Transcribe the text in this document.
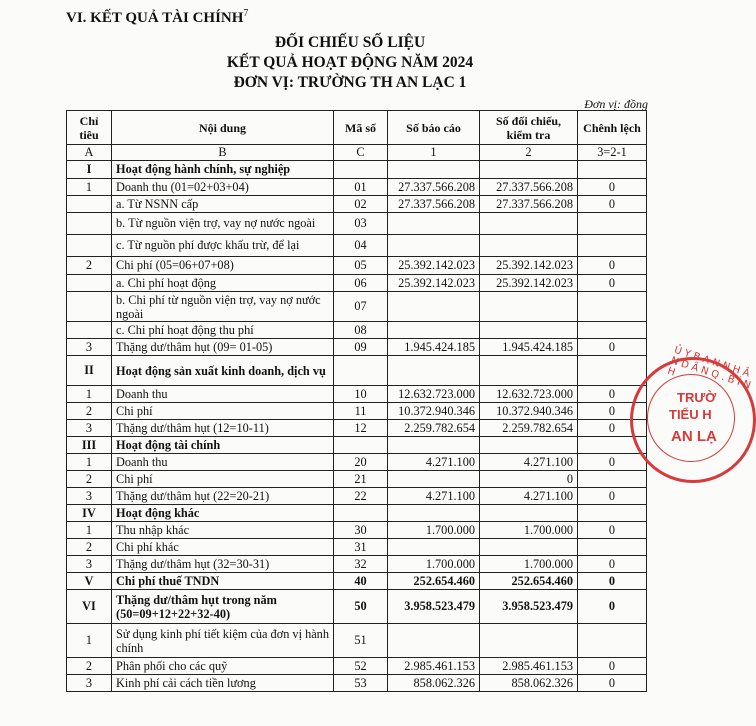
VI. KẾT QUẢ TÀI CHÍNH$^7$
ĐỐI CHIẾU SỐ LIỆU
KẾT QUẢ HOẠT ĐỘNG NĂM 2024
ĐƠN VỊ: TRƯỜNG TH AN LẠC 1
Đơn vị: đồng
Chỉ tiêu	Nội dung	Mã số	Số báo cáo	Số đối chiếu, kiểm tra	Chênh lệch
A	B	C	1	2	3=2-1
I	Hoạt động hành chính, sự nghiệp				
1	Doanh thu (01=02+03+04)	01	27.337.566.208	27.337.566.208	0
	a. Từ NSNN cấp	02	27.337.566.208	27.337.566.208	0
	b. Từ nguồn viện trợ, vay nợ nước ngoài	03			
	c. Từ nguồn phí được khấu trừ, để lại	04			
2	Chi phí (05=06+07+08)	05	25.392.142.023	25.392.142.023	0
	a. Chi phí hoạt động	06	25.392.142.023	25.392.142.023	0
	b. Chi phí từ nguồn viện trợ, vay nợ nước ngoài	07			
	c. Chi phí hoạt động thu phí	08			
3	Thặng dư/thâm hụt (09= 01-05)	09	1.945.424.185	1.945.424.185	0
II	Hoạt động sản xuất kinh doanh, dịch vụ				
1	Doanh thu	10	12.632.723.000	12.632.723.000	0
2	Chi phí	11	10.372.940.346	10.372.940.346	0
3	Thặng dư/thâm hụt (12=10-11)	12	2.259.782.654	2.259.782.654	0
III	Hoạt động tài chính				
1	Doanh thu	20	4.271.100	4.271.100	0
2	Chi phí	21		0	
3	Thặng dư/thâm hụt (22=20-21)	22	4.271.100	4.271.100	0
IV	Hoạt động khác				
1	Thu nhập khác	30	1.700.000	1.700.000	0
2	Chi phí khác	31			
3	Thặng dư/thâm hụt (32=30-31)	32	1.700.000	1.700.000	0
V	Chi phí thuế TNDN	40	252.654.460	252.654.460	0
VI	Thặng dư/thâm hụt trong năm (50=09+12+22+32-40)	50	3.958.523.479	3.958.523.479	0
1	Sử dụng kinh phí tiết kiệm của đơn vị hành chính	51			
2	Phân phối cho các quỹ	52	2.985.461.153	2.985.461.153	0
3	Kinh phí cải cách tiền lương	53	858.062.326	858.062.326	0
Ủ Y B A N N H Â N D Â N Q . B Ì N H
TRƯỜ
TIỂU H
AN LẠ
